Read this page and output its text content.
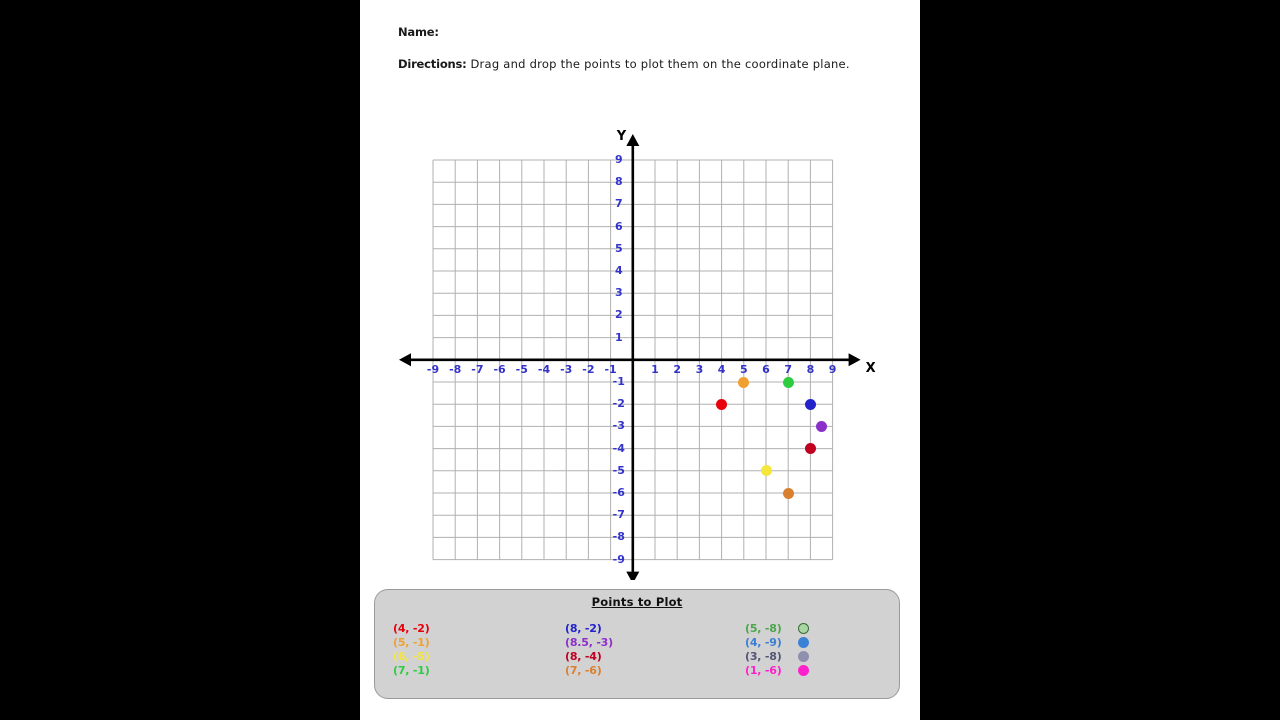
Name:
Directions: Drag and drop the points to plot them on the coordinate plane.
X
Y
-9 -8 -7 -6 -5 -4 -3 -2 -1	1	2	3	4	5	6	7	8	9
9
8
7
6
5
4
3
2
1
-1
-2
-3
-4
-5
-6
-7
-8
-9
Points to Plot
(4, -2)
(5, -1)
(6, -5)
(7, -1)
(8, -2)
(8.5, -3)
(8, -4)
(7, -6)
(5, -8)
(4, -9)
(3, -8)
(1, -6)
